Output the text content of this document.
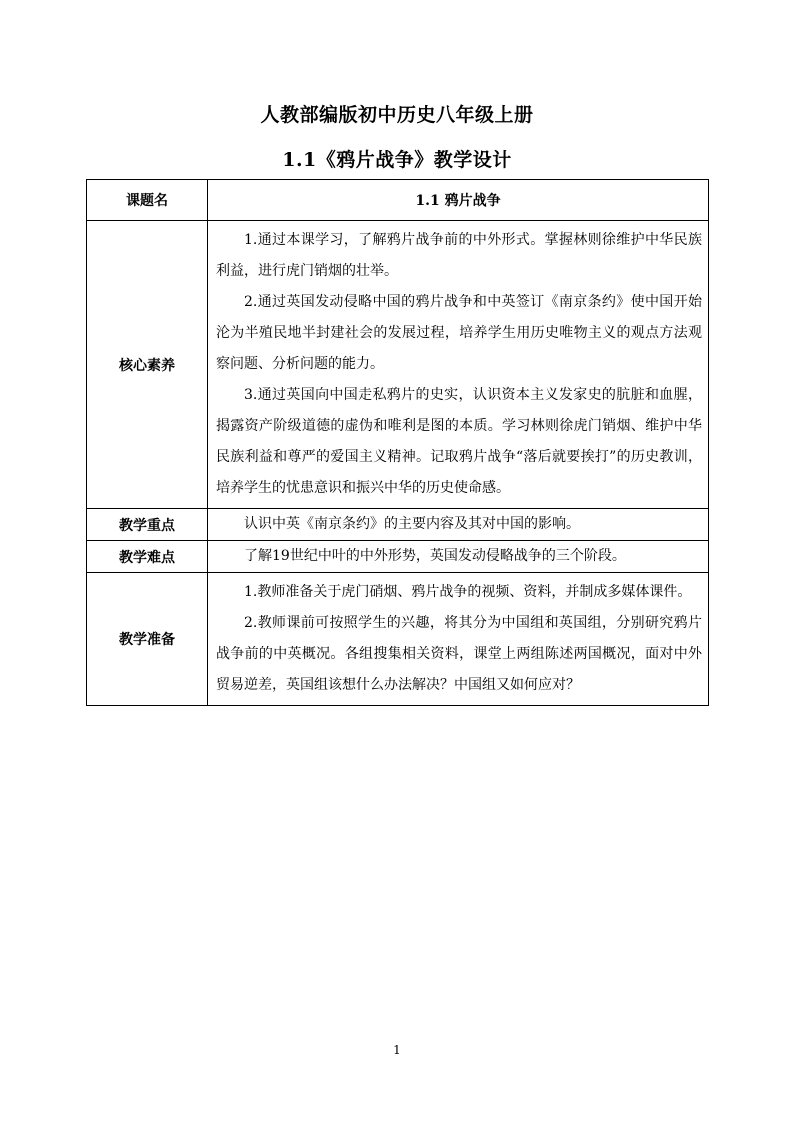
人教部编版初中历史八年级上册
1.1《鸦片战争》教学设计
课题名	1.1 鸦片战争
核心素养	1.通过本课学习，了解鸦片战争前的中外形式。掌握林则徐维护中华民族利益，进行虎门销烟的壮举。

2.通过英国发动侵略中国的鸦片战争和中英签订《南京条约》使中国开始沦为半殖民地半封建社会的发展过程，培养学生用历史唯物主义的观点方法观察问题、分析问题的能力。

3.通过英国向中国走私鸦片的史实，认识资本主义发家史的肮脏和血腥，揭露资产阶级道德的虚伪和唯利是图的本质。学习林则徐虎门销烟、维护中华民族利益和尊严的爱国主义精神。记取鸦片战争“落后就要挨打”的历史教训，培养学生的忧患意识和振兴中华的历史使命感。

教学重点	认识中英《南京条约》的主要内容及其对中国的影响。

教学难点	了解19世纪中叶的中外形势，英国发动侵略战争的三个阶段。

教学准备	1.教师准备关于虎门硝烟、鸦片战争的视频、资料，并制成多媒体课件。

2.教师课前可按照学生的兴趣，将其分为中国组和英国组，分别研究鸦片战争前的中英概况。各组搜集相关资料，课堂上两组陈述两国概况，面对中外贸易逆差，英国组该想什么办法解决？中国组又如何应对？

1
